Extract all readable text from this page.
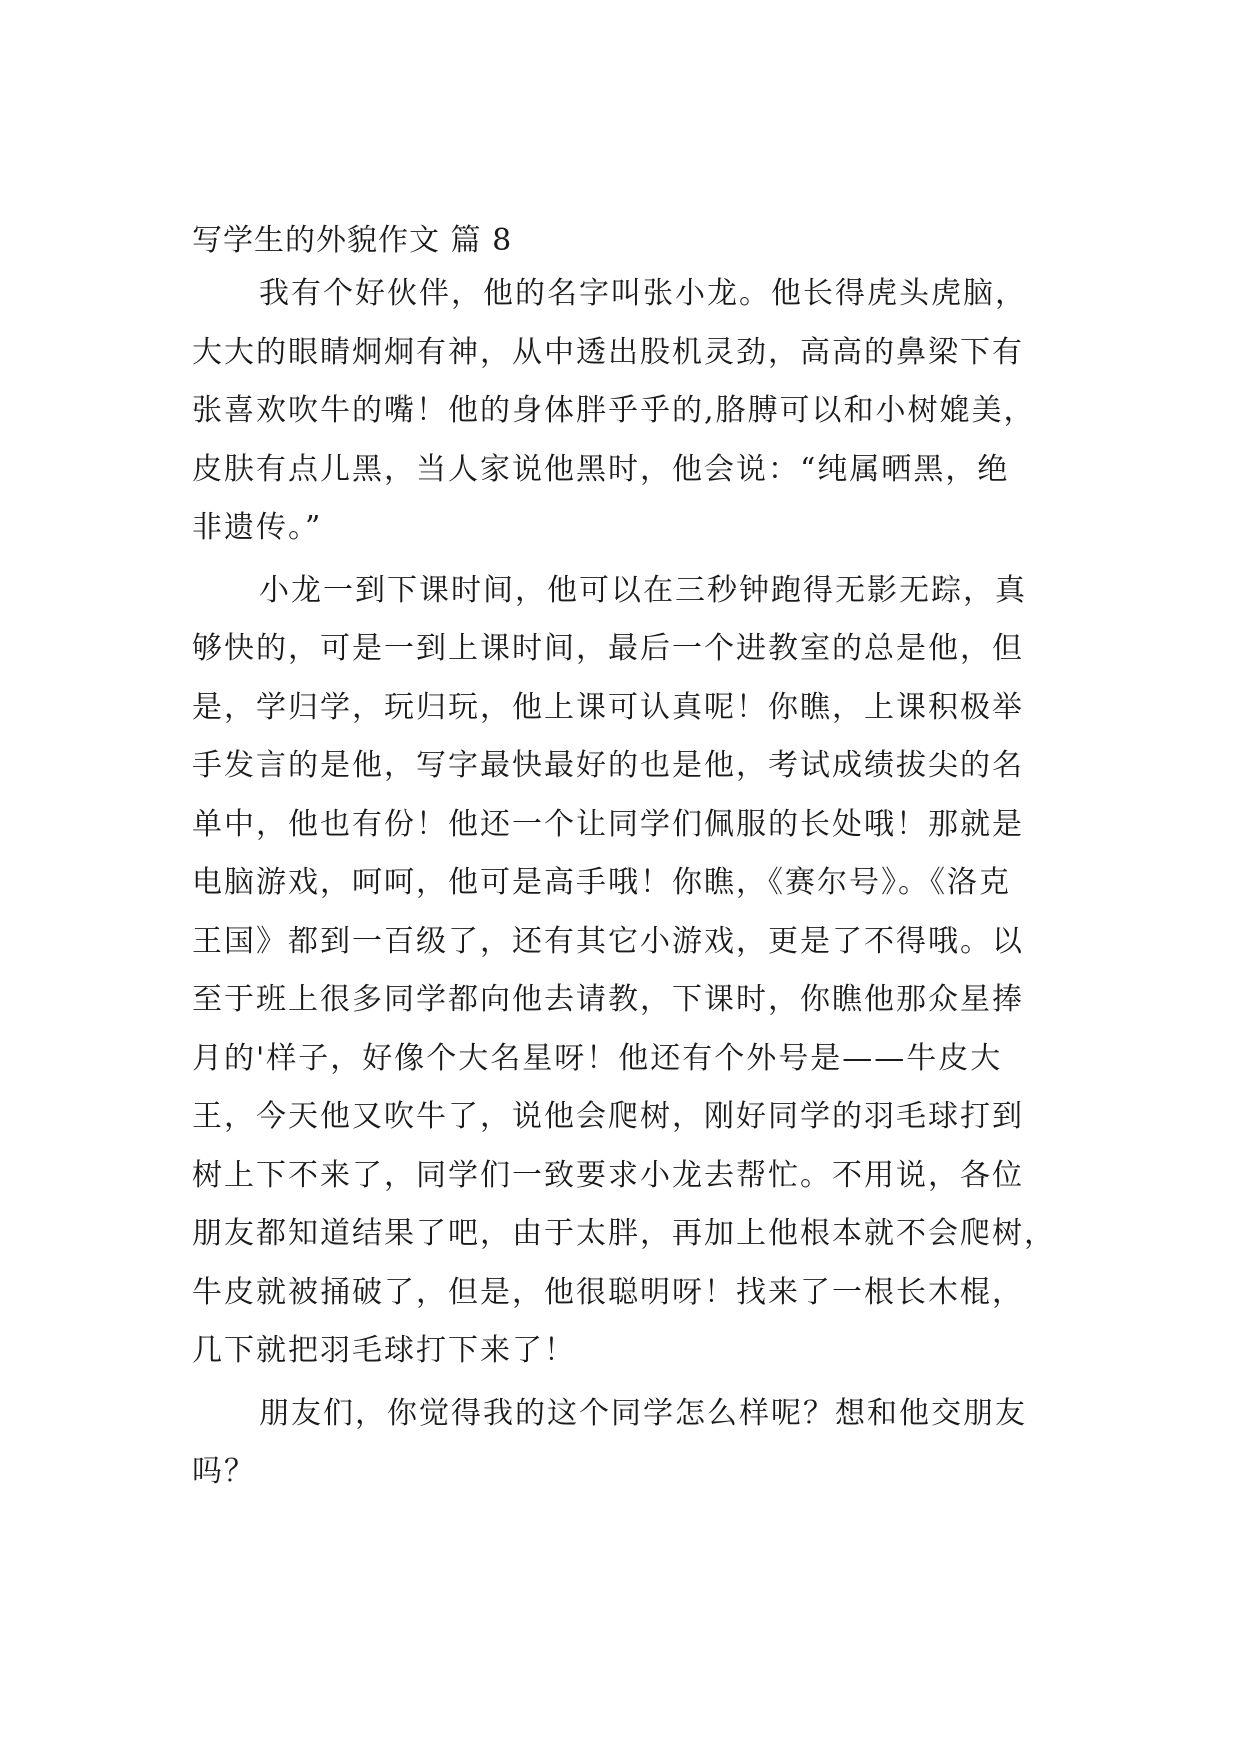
写学生的外貌作文 篇 8
我有个好伙伴，他的名字叫张小龙。他长得虎头虎脑，
大大的眼睛炯炯有神，从中透出股机灵劲，高高的鼻梁下有
张喜欢吹牛的嘴！他的身体胖乎乎的,胳膊可以和小树媲美，
皮肤有点儿黑，当人家说他黑时，他会说：“纯属晒黑，绝
非遗传。”
小龙一到下课时间，他可以在三秒钟跑得无影无踪，真
够快的，可是一到上课时间，最后一个进教室的总是他，但
是，学归学，玩归玩，他上课可认真呢！你瞧，上课积极举
手发言的是他，写字最快最好的也是他，考试成绩拔尖的名
单中，他也有份！他还一个让同学们佩服的长处哦！那就是
电脑游戏，呵呵，他可是高手哦！你瞧，《赛尔号》。《洛克
王国》都到一百级了，还有其它小游戏，更是了不得哦。以
至于班上很多同学都向他去请教，下课时，你瞧他那众星捧
月的'样子，好像个大名星呀！他还有个外号是——牛皮大
王，今天他又吹牛了，说他会爬树，刚好同学的羽毛球打到
树上下不来了，同学们一致要求小龙去帮忙。不用说，各位
朋友都知道结果了吧，由于太胖，再加上他根本就不会爬树，
牛皮就被捅破了，但是，他很聪明呀！找来了一根长木棍，
几下就把羽毛球打下来了！
朋友们，你觉得我的这个同学怎么样呢？想和他交朋友
吗？
